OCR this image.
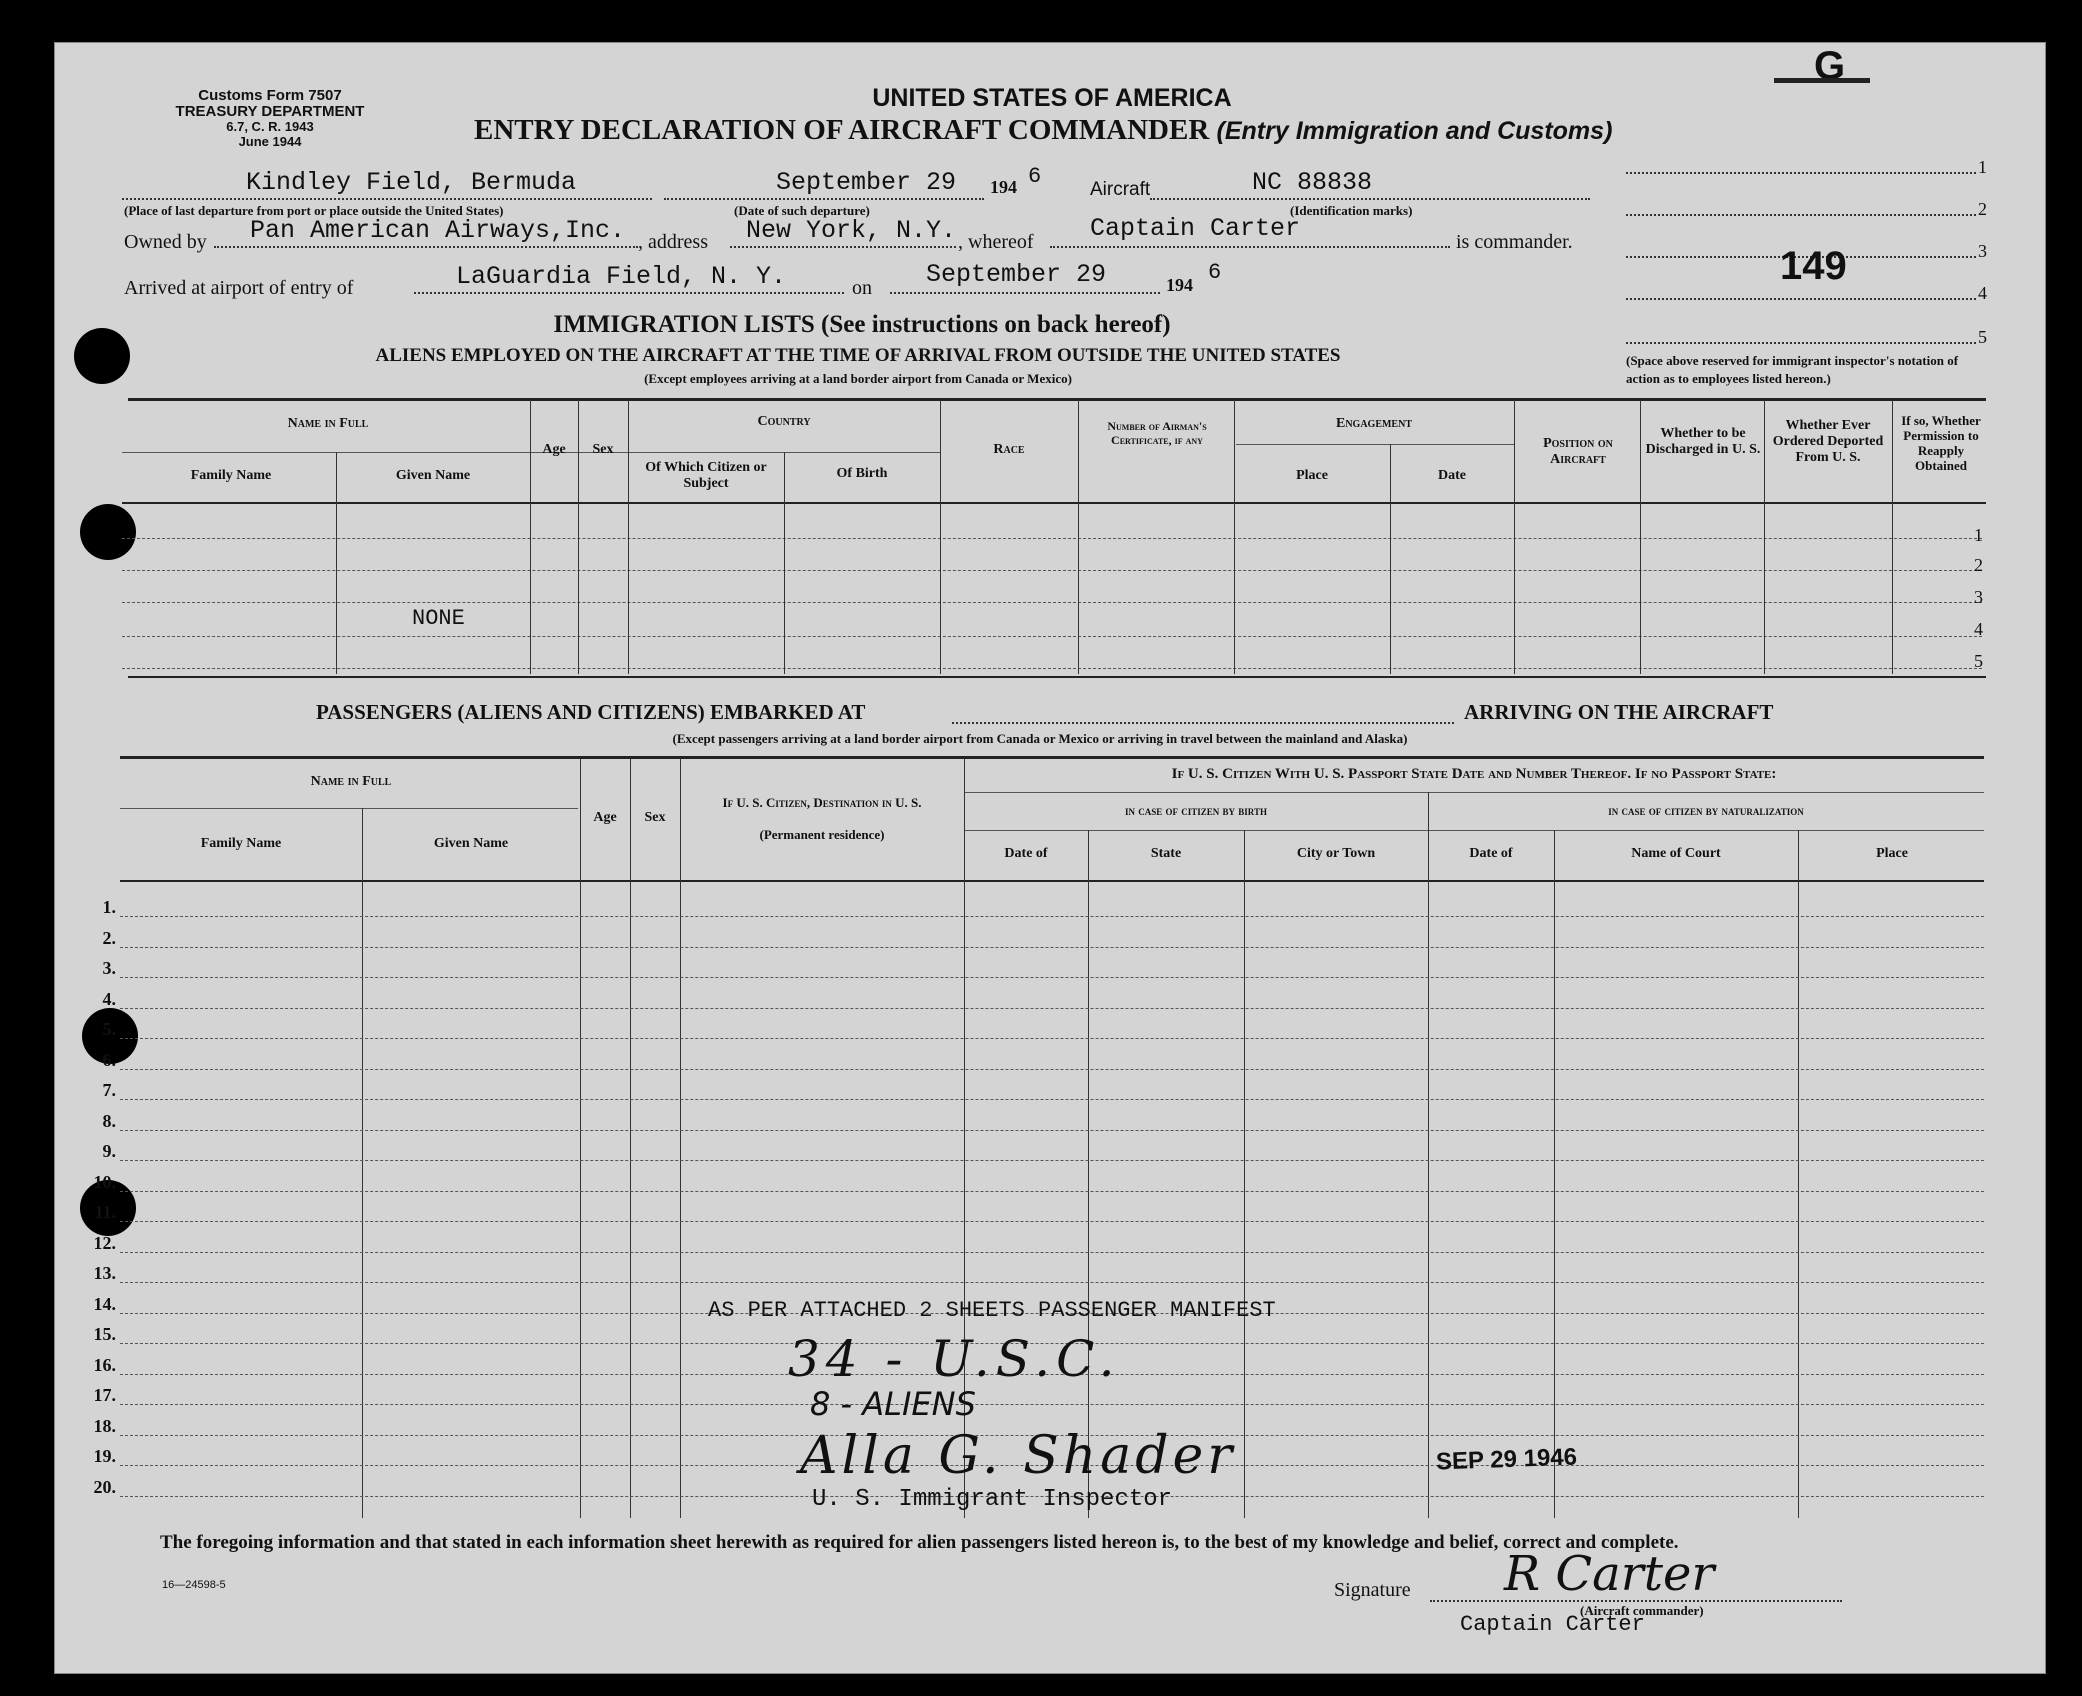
Customs Form 7507
TREASURY DEPARTMENT
6.7, C. R. 1943
June 1944
UNITED STATES OF AMERICA
ENTRY DECLARATION OF AIRCRAFT COMMANDER (Entry Immigration and Customs)
G
Kindley Field, Bermuda
(Place of last departure from port or place outside the United States)
September 29 194 6
(Date of such departure)
Aircraft	NC 88838
(Identification marks)
Owned by Pan American Airways,Inc. , address New York, N.Y. , whereof Captain Carter	is commander.
Arrived at airport of entry of	LaGuardia Field, N. Y.	on September 29	194 6
1
2
3
4
5
149
(Space above reserved for immigrant inspector's notation of action as to employees listed hereon.)
IMMIGRATION LISTS (See instructions on back hereof)
ALIENS EMPLOYED ON THE AIRCRAFT AT THE TIME OF ARRIVAL FROM OUTSIDE THE UNITED STATES
(Except employees arriving at a land border airport from Canada or Mexico)
Name in Full
Family Name	Given Name
Age	Sex
Country
Of Which Citizen or Subject
Of Birth
Race
Number of Airman's Certificate, if any
Engagement
Place	Date
Position on Aircraft
Whether to be Discharged in U. S.
Whether Ever Ordered Deported From U. S.
If so, Whether Permission to Reapply Obtained
NONE
1
2
3
4
5
PASSENGERS (ALIENS AND CITIZENS) EMBARKED AT	ARRIVING ON THE AIRCRAFT
(Except passengers arriving at a land border airport from Canada or Mexico or arriving in travel between the mainland and Alaska)
Name in Full
Family Name	Given Name
Age	Sex
If U. S. Citizen, Destination in U. S.
(Permanent residence)
If U. S. Citizen With U. S. Passport State Date and Number Thereof. If no Passport State:
in case of citizen by birth	in case of citizen by naturalization
Date of	State	City or Town	Date of	Name of Court	Place
1.
2.
3.
4.
5.
6.
7.
8.
9.
10.
11.
12.
13.
14.
15.
16.
17.
18.
19.
20.
AS PER ATTACHED 2 SHEETS PASSENGER MANIFEST
34 - U.S.C.
8 - ALIENS
Alla G. Shader	SEP 29 1946
U. S. Immigrant Inspector
The foregoing information and that stated in each information sheet herewith as required for alien passengers listed hereon is, to the best of my knowledge and belief, correct and complete.
16—24598-5	Signature R Carter
(Aircraft commander)
Captain Carter
